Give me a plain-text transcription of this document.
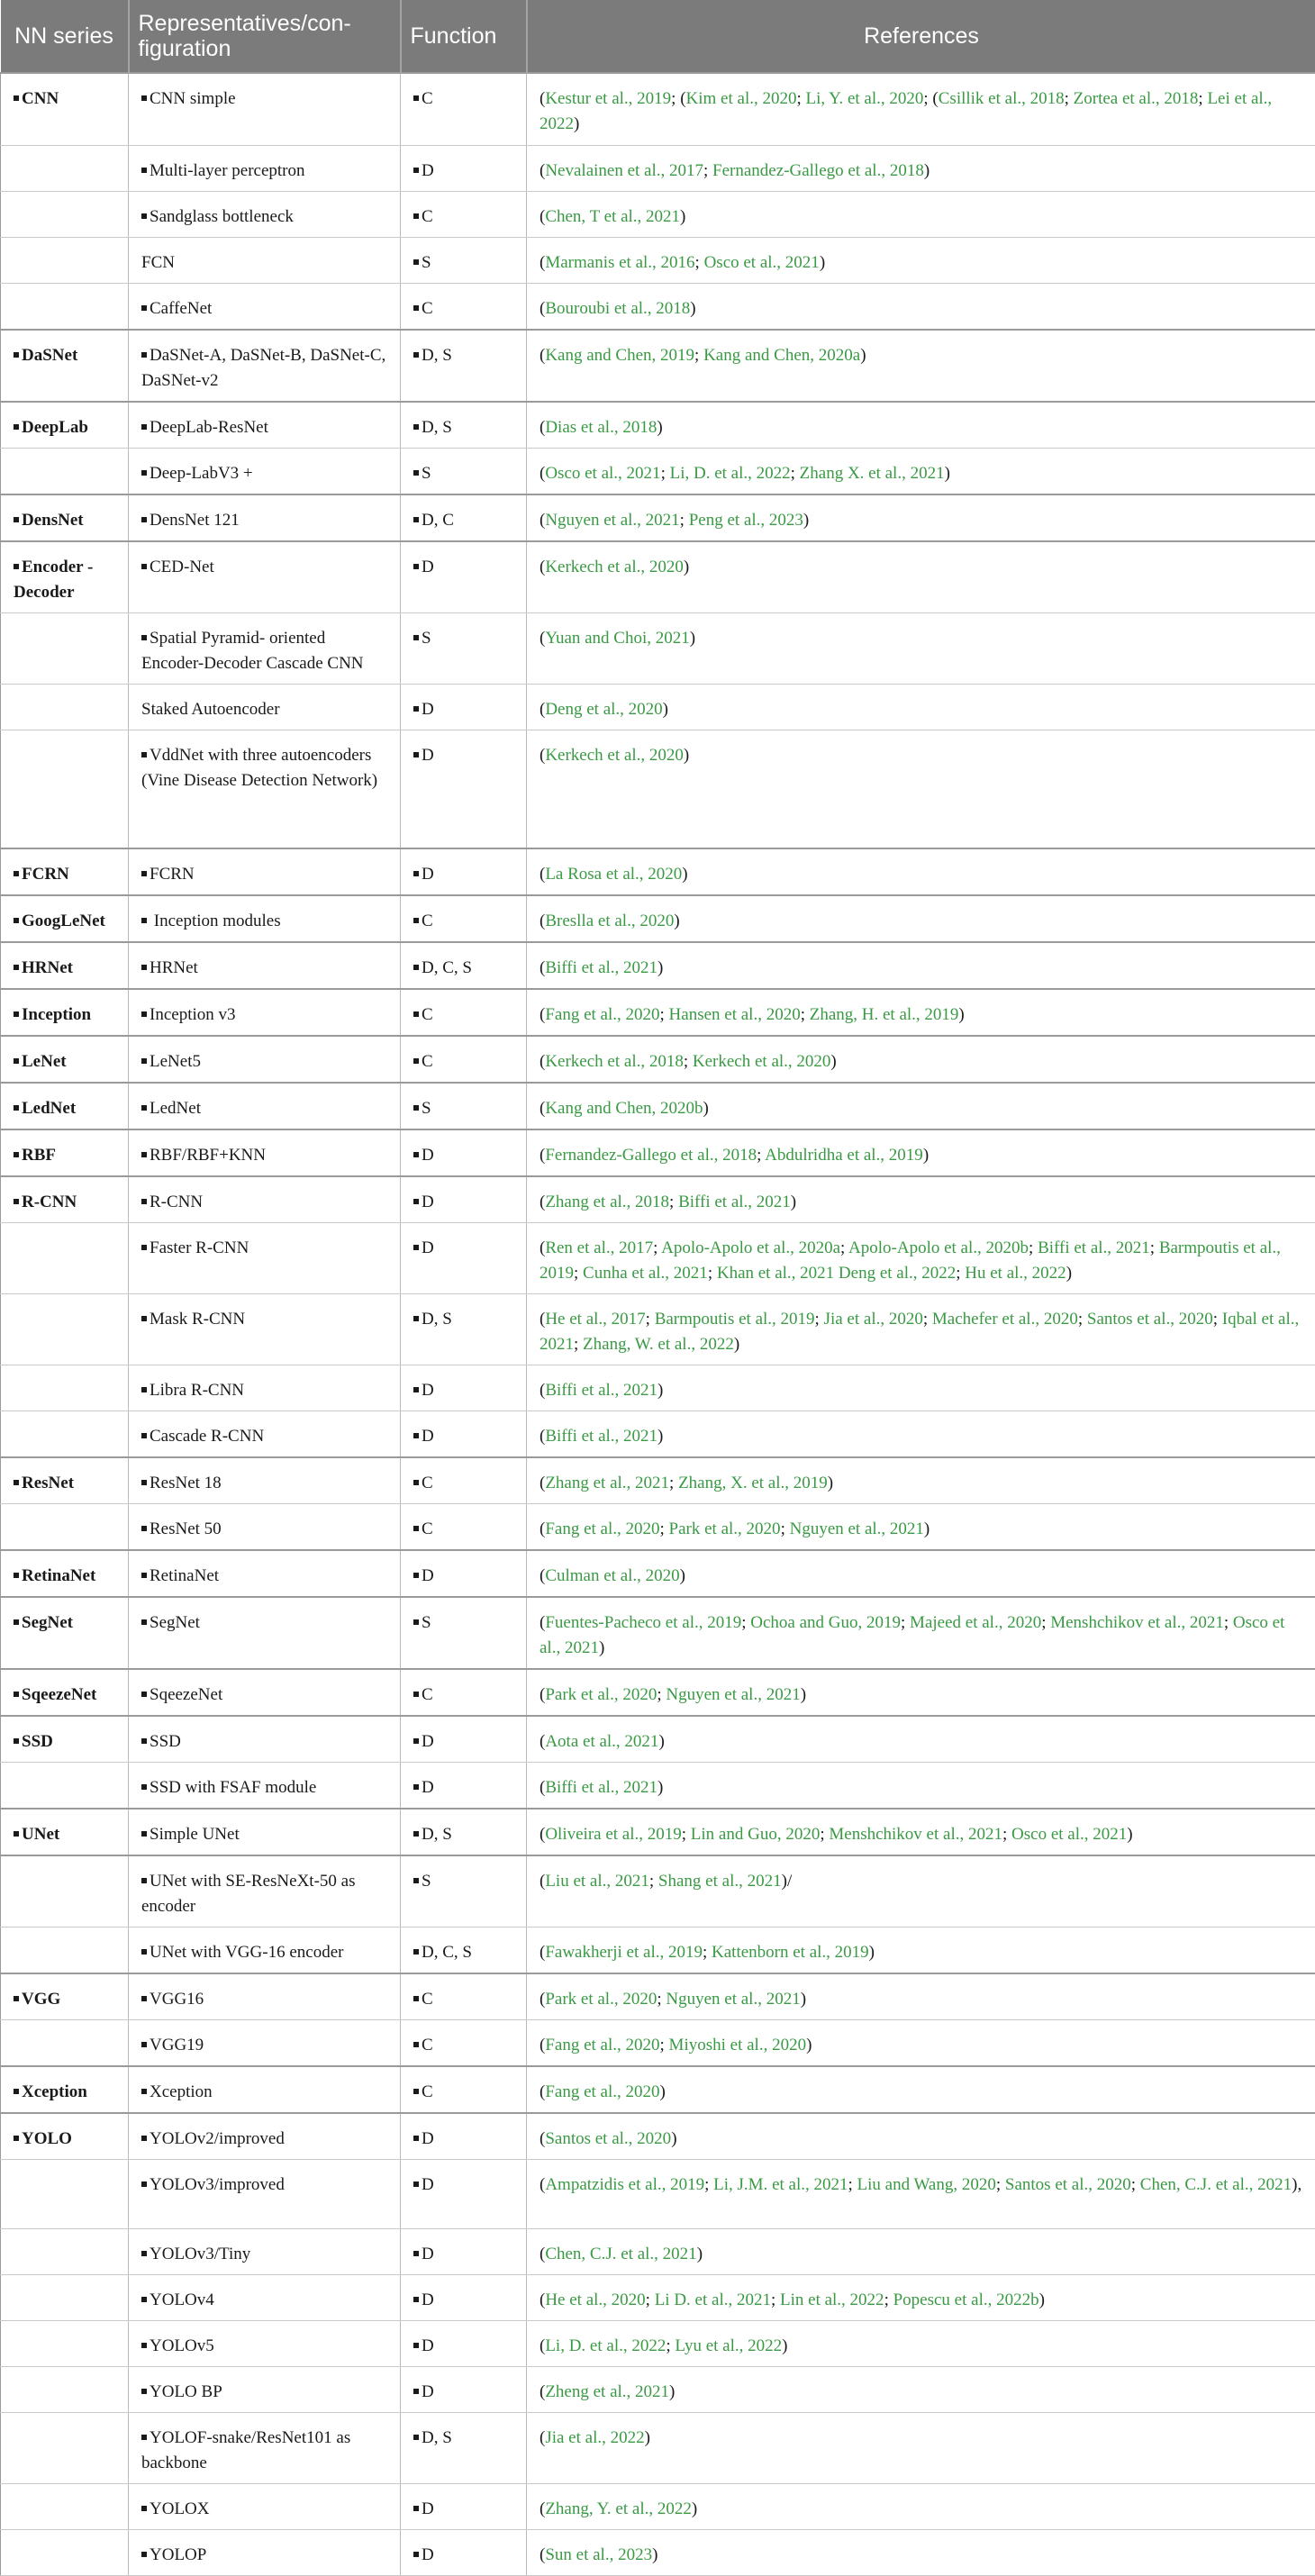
NN series	Representatives/con-figuration	Function	References
CNN	CNN simple	C	(Kestur et al., 2019; (Kim et al., 2020; Li, Y. et al., 2020; (Csillik et al., 2018; Zortea et al., 2018; Lei et al., 2022)
	Multi-layer perceptron	D	(Nevalainen et al., 2017; Fernandez-Gallego et al., 2018)
	Sandglass bottleneck	C	(Chen, T et al., 2021)
	FCN	S	(Marmanis et al., 2016; Osco et al., 2021)
	CaffeNet	C	(Bouroubi et al., 2018)
DaSNet	DaSNet-A, DaSNet-B, DaSNet-C, DaSNet-v2	D, S	(Kang and Chen, 2019; Kang and Chen, 2020a)
DeepLab	DeepLab-ResNet	D, S	(Dias et al., 2018)
	Deep-LabV3 +	S	(Osco et al., 2021; Li, D. et al., 2022; Zhang X. et al., 2021)
DensNet	DensNet 121	D, C	(Nguyen et al., 2021; Peng et al., 2023)
Encoder - Decoder	CED-Net	D	(Kerkech et al., 2020)
	Spatial Pyramid- oriented Encoder-Decoder Cascade CNN	S	(Yuan and Choi, 2021)
	Staked Autoencoder	D	(Deng et al., 2020)
	VddNet with three autoencoders (Vine Disease Detection Network)	D	(Kerkech et al., 2020)
FCRN	FCRN	D	(La Rosa et al., 2020)
GoogLeNet	Inception modules	C	(Breslla et al., 2020)
HRNet	HRNet	D, C, S	(Biffi et al., 2021)
Inception	Inception v3	C	(Fang et al., 2020; Hansen et al., 2020; Zhang, H. et al., 2019)
LeNet	LeNet5	C	(Kerkech et al., 2018; Kerkech et al., 2020)
LedNet	LedNet	S	(Kang and Chen, 2020b)
RBF	RBF/RBF+KNN	D	(Fernandez-Gallego et al., 2018; Abdulridha et al., 2019)
R-CNN	R-CNN	D	(Zhang et al., 2018; Biffi et al., 2021)
	Faster R-CNN	D	(Ren et al., 2017; Apolo-Apolo et al., 2020a; Apolo-Apolo et al., 2020b; Biffi et al., 2021; Barmpoutis et al., 2019; Cunha et al., 2021; Khan et al., 2021 Deng et al., 2022; Hu et al., 2022)
	Mask R-CNN	D, S	(He et al., 2017; Barmpoutis et al., 2019; Jia et al., 2020; Machefer et al., 2020; Santos et al., 2020; Iqbal et al., 2021; Zhang, W. et al., 2022)
	Libra R-CNN	D	(Biffi et al., 2021)
	Cascade R-CNN	D	(Biffi et al., 2021)
ResNet	ResNet 18	C	(Zhang et al., 2021; Zhang, X. et al., 2019)
	ResNet 50	C	(Fang et al., 2020; Park et al., 2020; Nguyen et al., 2021)
RetinaNet	RetinaNet	D	(Culman et al., 2020)
SegNet	SegNet	S	(Fuentes-Pacheco et al., 2019; Ochoa and Guo, 2019; Majeed et al., 2020; Menshchikov et al., 2021; Osco et al., 2021)
SqeezeNet	SqeezeNet	C	(Park et al., 2020; Nguyen et al., 2021)
SSD	SSD	D	(Aota et al., 2021)
	SSD with FSAF module	D	(Biffi et al., 2021)
UNet	Simple UNet	D, S	(Oliveira et al., 2019; Lin and Guo, 2020; Menshchikov et al., 2021; Osco et al., 2021)
	UNet with SE-ResNeXt-50 as encoder	S	(Liu et al., 2021; Shang et al., 2021)/
	UNet with VGG-16 encoder	D, C, S	(Fawakherji et al., 2019; Kattenborn et al., 2019)
VGG	VGG16	C	(Park et al., 2020; Nguyen et al., 2021)
	VGG19	C	(Fang et al., 2020; Miyoshi et al., 2020)
Xception	Xception	C	(Fang et al., 2020)
YOLO	YOLOv2/improved	D	(Santos et al., 2020)
	YOLOv3/improved	D	(Ampatzidis et al., 2019; Li, J.M. et al., 2021; Liu and Wang, 2020; Santos et al., 2020; Chen, C.J. et al., 2021),
	YOLOv3/Tiny	D	(Chen, C.J. et al., 2021)
	YOLOv4	D	(He et al., 2020; Li D. et al., 2021; Lin et al., 2022; Popescu et al., 2022b)
	YOLOv5	D	(Li, D. et al., 2022; Lyu et al., 2022)
	YOLO BP	D	(Zheng et al., 2021)
	YOLOF-snake/ResNet101 as backbone	D, S	(Jia et al., 2022)
	YOLOX	D	(Zhang, Y. et al., 2022)
	YOLOP	D	(Sun et al., 2023)
